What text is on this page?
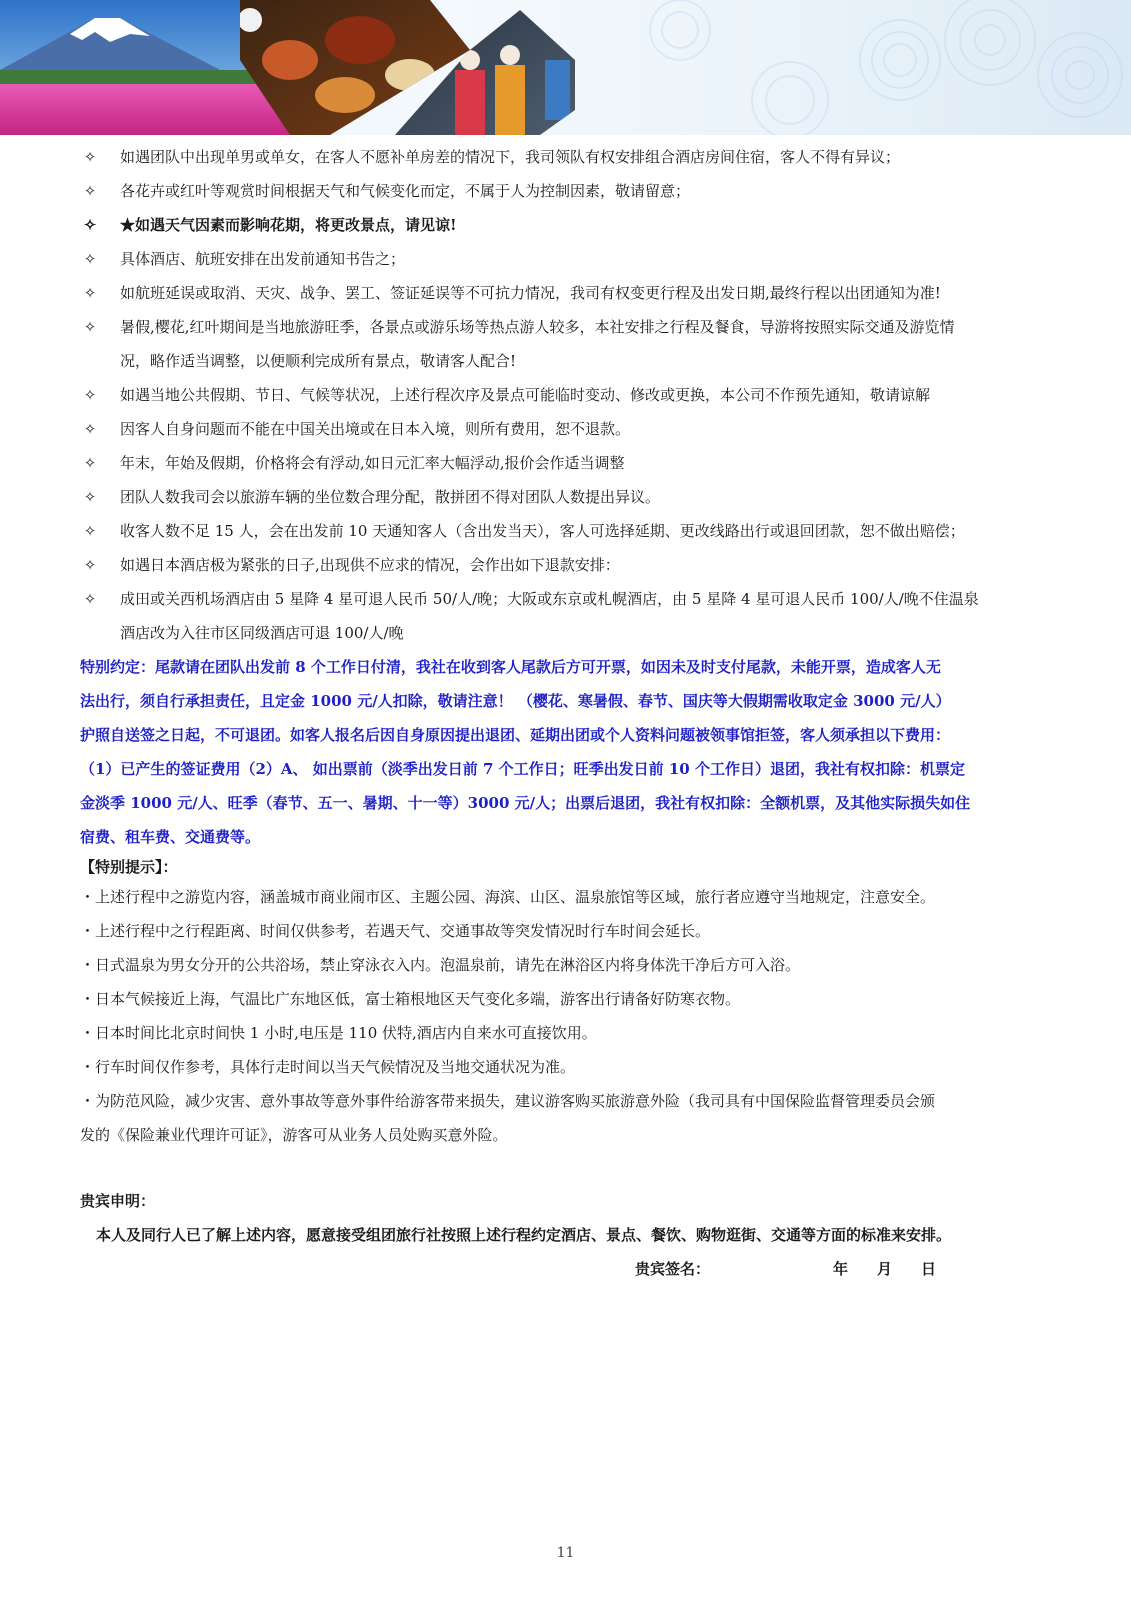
✧ 如遇团队中出现单男或单女，在客人不愿补单房差的情况下，我司领队有权安排组合酒店房间住宿，客人不得有异议；
✧ 各花卉或红叶等观赏时间根据天气和气候变化而定，不属于人为控制因素，敬请留意；
✧ ★如遇天气因素而影响花期，将更改景点，请见谅!
✧ 具体酒店、航班安排在出发前通知书告之；
✧ 如航班延误或取消、天灾、战争、罢工、签证延误等不可抗力情况，我司有权变更行程及出发日期,最终行程以出团通知为准!
✧ 暑假,樱花,红叶期间是当地旅游旺季，各景点或游乐场等热点游人较多，本社安排之行程及餐食，导游将按照实际交通及游览情
况，略作适当调整，以便顺利完成所有景点，敬请客人配合!
✧ 如遇当地公共假期、节日、气候等状况，上述行程次序及景点可能临时变动、修改或更换，本公司不作预先通知，敬请谅解
✧ 因客人自身问题而不能在中国关出境或在日本入境，则所有费用，恕不退款。
✧ 年末，年始及假期，价格将会有浮动,如日元汇率大幅浮动,报价会作适当调整
✧ 团队人数我司会以旅游车辆的坐位数合理分配，散拼团不得对团队人数提出异议。
✧ 收客人数不足 15 人，会在出发前 10 天通知客人（含出发当天），客人可选择延期、更改线路出行或退回团款，恕不做出赔偿；
✧ 如遇日本酒店极为紧张的日子,出现供不应求的情况，会作出如下退款安排：
✧ 成田或关西机场酒店由 5 星降 4 星可退人民币 50/人/晚；大阪或东京或札幌酒店，由 5 星降 4 星可退人民币 100/人/晚不住温泉
酒店改为入往市区同级酒店可退 100/人/晚
特别约定：尾款请在团队出发前 8 个工作日付清，我社在收到客人尾款后方可开票，如因未及时支付尾款，未能开票，造成客人无
法出行，须自行承担责任，且定金 1000 元/人扣除，敬请注意！ （樱花、寒暑假、春节、国庆等大假期需收取定金 3000 元/人）
护照自送签之日起，不可退团。如客人报名后因自身原因提出退团、延期出团或个人资料问题被领事馆拒签，客人须承担以下费用：
（1）已产生的签证费用（2）A、 如出票前（淡季出发日前 7 个工作日；旺季出发日前 10 个工作日）退团，我社有权扣除：机票定
金淡季 1000 元/人、旺季（春节、五一、暑期、十一等）3000 元/人；出票后退团，我社有权扣除：全额机票，及其他实际损失如住
宿费、租车费、交通费等。
【特别提示】：
・上述行程中之游览内容，涵盖城市商业闹市区、主题公园、海滨、山区、温泉旅馆等区域，旅行者应遵守当地规定，注意安全。
・上述行程中之行程距离、时间仅供参考，若遇天气、交通事故等突发情况时行车时间会延长。
・日式温泉为男女分开的公共浴场，禁止穿泳衣入内。泡温泉前，请先在淋浴区内将身体洗干净后方可入浴。
・日本气候接近上海，气温比广东地区低，富士箱根地区天气变化多端，游客出行请备好防寒衣物。
・日本时间比北京时间快 1 小时,电压是 110 伏特,酒店内自来水可直接饮用。
・行车时间仅作参考，具体行走时间以当天气候情况及当地交通状况为准。
・为防范风险，减少灾害、意外事故等意外事件给游客带来损失，建议游客购买旅游意外险（我司具有中国保险监督管理委员会颁
发的《保险兼业代理许可证》，游客可从业务人员处购买意外险。
贵宾申明：
本人及同行人已了解上述内容，愿意接受组团旅行社按照上述行程约定酒店、景点、餐饮、购物逛街、交通等方面的标准来安排。
贵宾签名：	年 月 日
11
